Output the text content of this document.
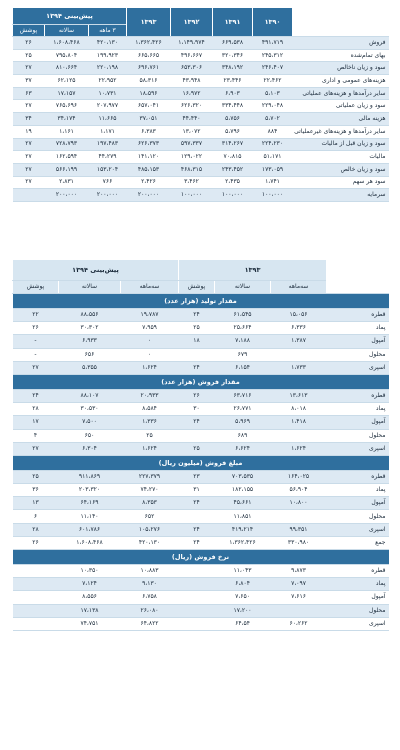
	۱۳۹۰	۱۳۹۱	۱۳۹۲	۱۳۹۳	پیش‌بینی ۱۳۹۴		
					۳ ماهه	سالانه	پوشش
فروش	۴۹۱،۷۱۹	۶۶۹،۵۳۸	۱،۱۴۹،۹۷۴	۱،۳۶۲،۴۲۶	۴۲۰،۱۳۰	۱،۶۰۸،۴۶۸	۲۶
بهای تمام‌شده	۲۴۵،۳۱۲	۳۲۰،۳۴۶	۴۹۶،۶۶۷	۶۶۵،۶۶۵	۱۹۹،۹۲۳	۷۹۵،۸۰۴	۲۵
سود و زیان ناخالص	۲۴۶،۴۰۷	۳۴۸،۱۹۲	۶۵۳،۳۰۶	۶۹۶،۷۶۱	۲۲۰،۱۹۸	۸۱۰،۶۶۴	۲۷
هزینه‌های عمومی و اداری	۲۲،۴۶۲	۲۳،۴۴۶	۴۳،۹۴۸	۵۸،۳۱۶	۲۲،۹۵۲	۶۲،۱۲۵	۳۷
سایر درآمدها و هزینه‌های عملیاتی	۵،۱۰۳	۶،۹۰۳	۱۶،۹۷۲	۱۸،۵۹۶	۱۰،۷۳۱	۱۷،۱۵۷	۶۳
سود و زیان عملیاتی	۲۲۹،۰۴۸	۳۳۴،۴۴۸	۶۲۶،۳۲۰	۶۵۷،۰۴۱	۲۰۷،۹۷۷	۷۶۵،۶۹۶	۲۷
هزینه مالی	۵،۷۰۲	۵،۷۵۶	۴۴،۴۴۰	۳۷،۰۵۱	۱۱،۶۶۵	۳۴،۱۷۴	۳۴
سایر درآمدها و هزینه‌های غیرعملیاتی	۸۸۴	۵،۷۹۶	۱۳،۰۷۲	۶،۳۸۳	۱،۱۷۱	۱،۱۶۱	۱۹
سود و زیان قبل از مالیات	۲۲۴،۲۳۰	۳۱۴،۲۶۷	۵۹۷،۳۳۷	۶۲۶،۳۷۳	۱۹۷،۴۸۳	۷۲۸،۷۹۳	۲۷
مالیات	۵۱،۱۷۱	۷۰،۸۱۵	۱۲۹،۰۲۲	۱۴۱،۱۲۰	۴۴،۲۷۹	۱۶۲،۵۹۴	۲۷
سود و زیان خالص	۱۷۳،۰۵۹	۲۴۳،۴۵۲	۴۶۸،۳۱۵	۴۸۵،۱۵۳	۱۵۳،۲۰۴	۵۶۶،۱۹۹	۲۷
سود هر سهم	۱،۷۴۱	۲،۴۳۵	۳،۴۶۲	۲،۴۲۶	۷۶۶	۲،۸۳۱	۲۷
سرمایه	۱۰۰،۰۰۰	۱۰۰،۰۰۰	۱۰۰،۰۰۰	۲۰۰،۰۰۰	۲۰۰،۰۰۰	۲۰۰،۰۰۰	
	۱۳۹۳			پیش‌بینی ۱۳۹۴		
	سه‌ماهه	سالانه	پوشش	سه‌ماهه	سالانه	پوشش
مقدار تولید (هزار عدد)						
قطره	۱۵،۰۵۶	۶۱،۵۴۵	۲۴	۱۹،۷۸۷	۸۸،۵۵۶	۲۲
پماد	۶،۳۳۶	۲۵،۶۶۴	۲۵	۷،۹۵۹	۳۰،۳۰۲	۲۶
آمپول	۱،۳۸۷	۷،۱۸۸	۱۸	۰	۶،۹۳۳	-
محلول		۶۷۹		۰	۶۵۶	-
اسپری	۱،۷۳۳	۶،۱۵۴	۲۴	۱،۶۲۴	۵،۳۵۵	۲۷
مقدار فروش (هزار عدد)						
قطره	۱۳،۶۱۳	۶۳،۷۱۶	۲۶	۲۰،۹۳۳	۸۸،۱۰۷	۲۴
پماد	۸،۰۱۸	۲۶،۷۷۱	۳۰	۸،۵۸۴	۳۰،۵۳۰	۲۸
آمپول	۱،۴۱۸	۵،۹۶۹	۲۴	۱،۳۳۶	۷،۵۰۰	۱۷
محلول		۶۸۹		۲۵	۶۵۰	۴
اسپری	۱،۶۲۴	۶،۶۲۴	۲۵	۱،۶۲۴	۶،۳۰۴	۲۷
مبلغ فروش (میلیون ریال)						
قطره	۱۶۴،۰۲۵	۷۰۳،۵۳۵	۲۳	۲۲۷،۳۷۹	۹۱۱،۸۶۹	۲۵
پماد	۵۶،۹۰۴	۱۸۲،۱۵۵	۳۱	۷۴،۲۷۰	۲۰۳،۳۲۰	۳۶
آمپول	۱۰،۸۰۰	۴۵،۶۶۱	۲۴	۸،۳۵۳	۶۴،۱۶۹	۱۳
محلول		۱۱،۸۵۱		۶۵۲	۱۱،۱۴۰	۶
اسپری	۹۹،۳۵۱	۴۱۹،۲۱۴	۲۴	۱۰۵،۲۷۶	۶۰۱،۷۸۶	۲۸
جمع	۳۳۰،۹۸۰	۱،۳۶۲،۴۲۶	۲۴	۴۲۰،۱۳۰	۱،۶۰۸،۴۶۸	۲۶
نرخ فروش (ریال)						
قطره	۹،۸۷۳	۱۱،۰۴۳		۱۰،۸۸۳	۱۰،۳۵۰	
پماد	۷،۰۹۷	۶،۸۰۴		۹،۱۳۰	۷،۱۲۴	
آمپول	۷،۶۱۶	۷،۶۵۰		۶،۷۵۸	۸،۵۵۶	
محلول		۱۷،۲۰۰		۲۶،۰۸۰	۱۷،۱۳۸	
اسپری	۶۰،۲۶۲	۶۴،۵۴		۶۴،۸۲۲	۷۴،۷۵۱	
